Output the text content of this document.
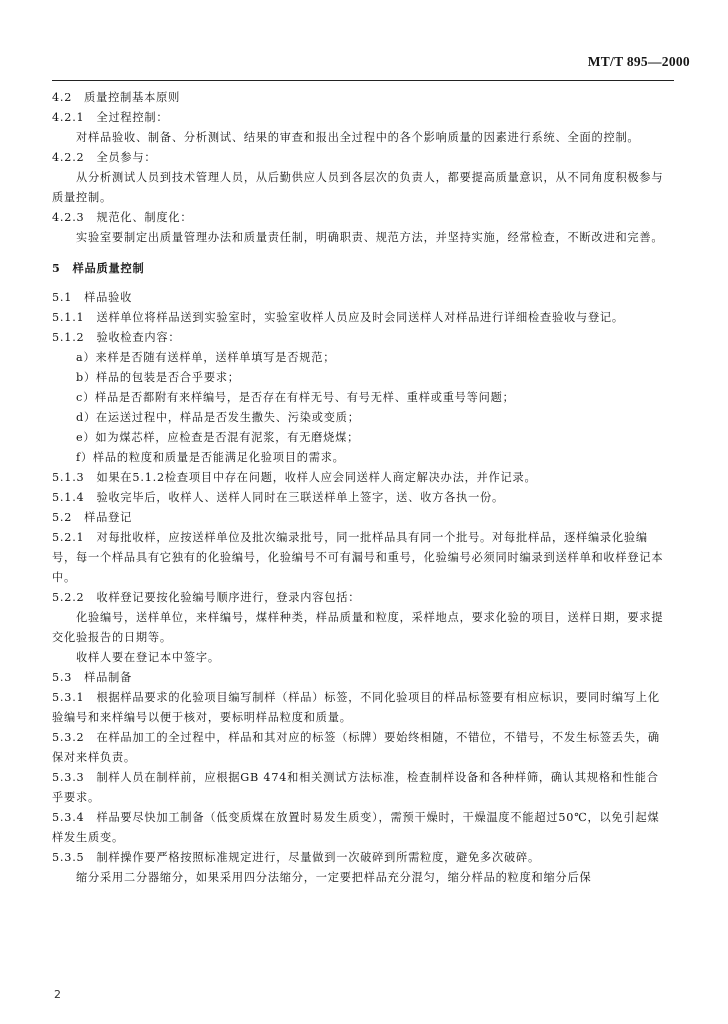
MT/T 895—2000

4.2　质量控制基本原则

4.2.1　全过程控制：

对样品验收、制备、分析测试、结果的审查和报出全过程中的各个影响质量的因素进行系统、全面的控制。

4.2.2　全员参与：

从分析测试人员到技术管理人员，从后勤供应人员到各层次的负责人，都要提高质量意识，从不同角度积极参与质量控制。

4.2.3　规范化、制度化：

实验室要制定出质量管理办法和质量责任制，明确职责、规范方法，并坚持实施，经常检查，不断改进和完善。

5　样品质量控制

5.1　样品验收

5.1.1　送样单位将样品送到实验室时，实验室收样人员应及时会同送样人对样品进行详细检查验收与登记。

5.1.2　验收检查内容：

a）来样是否随有送样单，送样单填写是否规范；

b）样品的包装是否合乎要求；

c）样品是否都附有来样编号，是否存在有样无号、有号无样、重样或重号等问题；

d）在运送过程中，样品是否发生撒失、污染或变质；

e）如为煤芯样，应检查是否混有泥浆，有无磨烧煤；

f）样品的粒度和质量是否能满足化验项目的需求。

5.1.3　如果在5.1.2检查项目中存在问题，收样人应会同送样人商定解决办法，并作记录。

5.1.4　验收完毕后，收样人、送样人同时在三联送样单上签字，送、收方各执一份。

5.2　样品登记

5.2.1　对每批收样，应按送样单位及批次编录批号，同一批样品具有同一个批号。对每批样品，逐样编录化验编号，每一个样品具有它独有的化验编号，化验编号不可有漏号和重号，化验编号必须同时编录到送样单和收样登记本中。

5.2.2　收样登记要按化验编号顺序进行，登录内容包括：

化验编号，送样单位，来样编号，煤样种类，样品质量和粒度，采样地点，要求化验的项目，送样日期，要求提交化验报告的日期等。

收样人要在登记本中签字。

5.3　样品制备

5.3.1　根据样品要求的化验项目编写制样（样品）标签，不同化验项目的样品标签要有相应标识，要同时编写上化验编号和来样编号以便于核对，要标明样品粒度和质量。

5.3.2　在样品加工的全过程中，样品和其对应的标签（标牌）要始终相随，不错位，不错号，不发生标签丢失，确保对来样负责。

5.3.3　制样人员在制样前，应根据GB 474和相关测试方法标准，检查制样设备和各种样筛，确认其规格和性能合乎要求。

5.3.4　样品要尽快加工制备（低变质煤在放置时易发生质变），需预干燥时，干燥温度不能超过50℃，以免引起煤样发生质变。

5.3.5　制样操作要严格按照标准规定进行，尽量做到一次破碎到所需粒度，避免多次破碎。

缩分采用二分器缩分，如果采用四分法缩分，一定要把样品充分混匀，缩分样品的粒度和缩分后保

2
